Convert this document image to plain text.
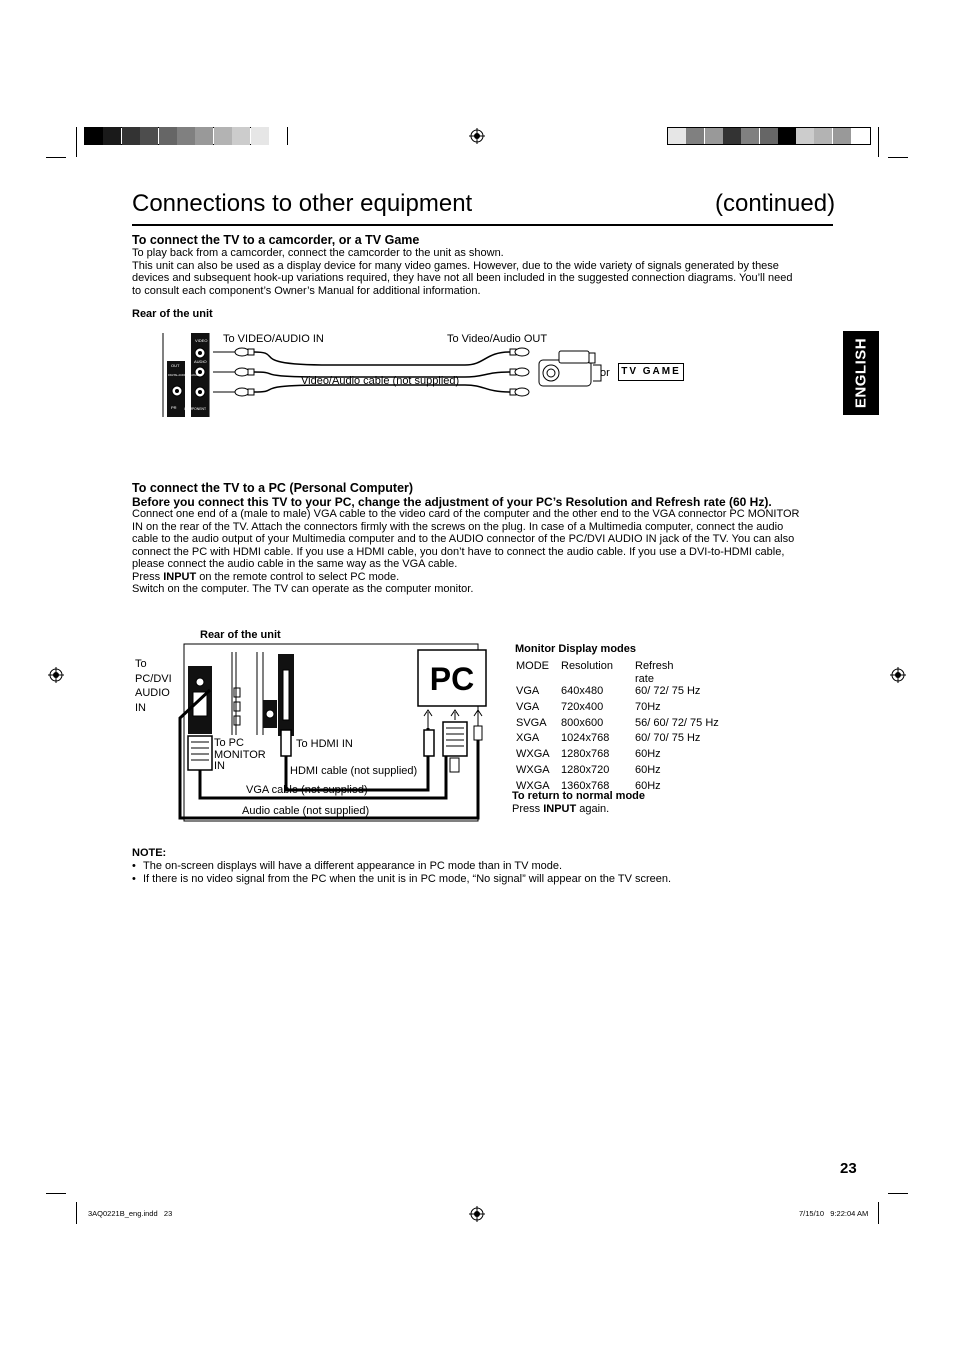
Connections to other equipment	(continued)
ENGLISH
To connect the TV to a camcorder, or a TV Game
To play back from a camcorder, connect the camcorder to the unit as shown.
This unit can also be used as a display device for many video games. However, due to the wide variety of signals generated by these
devices and subsequent hook-up variations required, they have not all been included in the suggested connection diagrams. You’ll need
to consult each component’s Owner’s Manual for additional information.
Rear of the unit
VIDEO
AUDIO
OUT
DIGITAL AUDIO COAXIAL
PR COMPONENT
To VIDEO/AUDIO IN	To Video/Audio OUT
Video/Audio cable (not supplied)
or	TV GAME
To connect the TV to a PC (Personal Computer)
Before you connect this TV to your PC, change the adjustment of your PC’s Resolution and Refresh rate (60 Hz).
Connect one end of a (male to male) VGA cable to the video card of the computer and the other end to the VGA connector PC MONITOR
IN on the rear of the TV. Attach the connectors firmly with the screws on the plug. In case of a Multimedia computer, connect the audio
cable to the audio output of your Multimedia computer and to the AUDIO connector of the PC/DVI AUDIO IN jack of the TV. You can also
connect the PC with HDMI cable. If you use a HDMI cable, you don’t have to connect the audio cable. If you use a DVI-to-HDMI cable,
please connect the audio cable in the same way as the VGA cable.
Press INPUT on the remote control to select PC mode.
Switch on the computer. The TV can operate as the computer monitor.
Rear of the unit
To
PC/DVI
AUDIO
IN
PC
To PC
MONITOR
IN
To HDMI IN
HDMI cable (not supplied)
VGA cable (not supplied)
Audio cable (not supplied)
Monitor Display modes
MODE Resolution Refresh rate
VGA 640x480	60/ 72/ 75 Hz
VGA 720x400	70Hz
SVGA 800x600	56/ 60/ 72/ 75 Hz
XGA 1024x768 60/ 70/ 75 Hz
WXGA 1280x768 60Hz
WXGA 1280x720 60Hz
WXGA 1360x768 60Hz
To return to normal mode
Press INPUT again.
NOTE:
• The on-screen displays will have a different appearance in PC mode than in TV mode.
• If there is no video signal from the PC when the unit is in PC mode, “No signal” will appear on the TV screen.
23
3AQ0221B_eng.indd   23	7/15/10   9:22:04 AM
